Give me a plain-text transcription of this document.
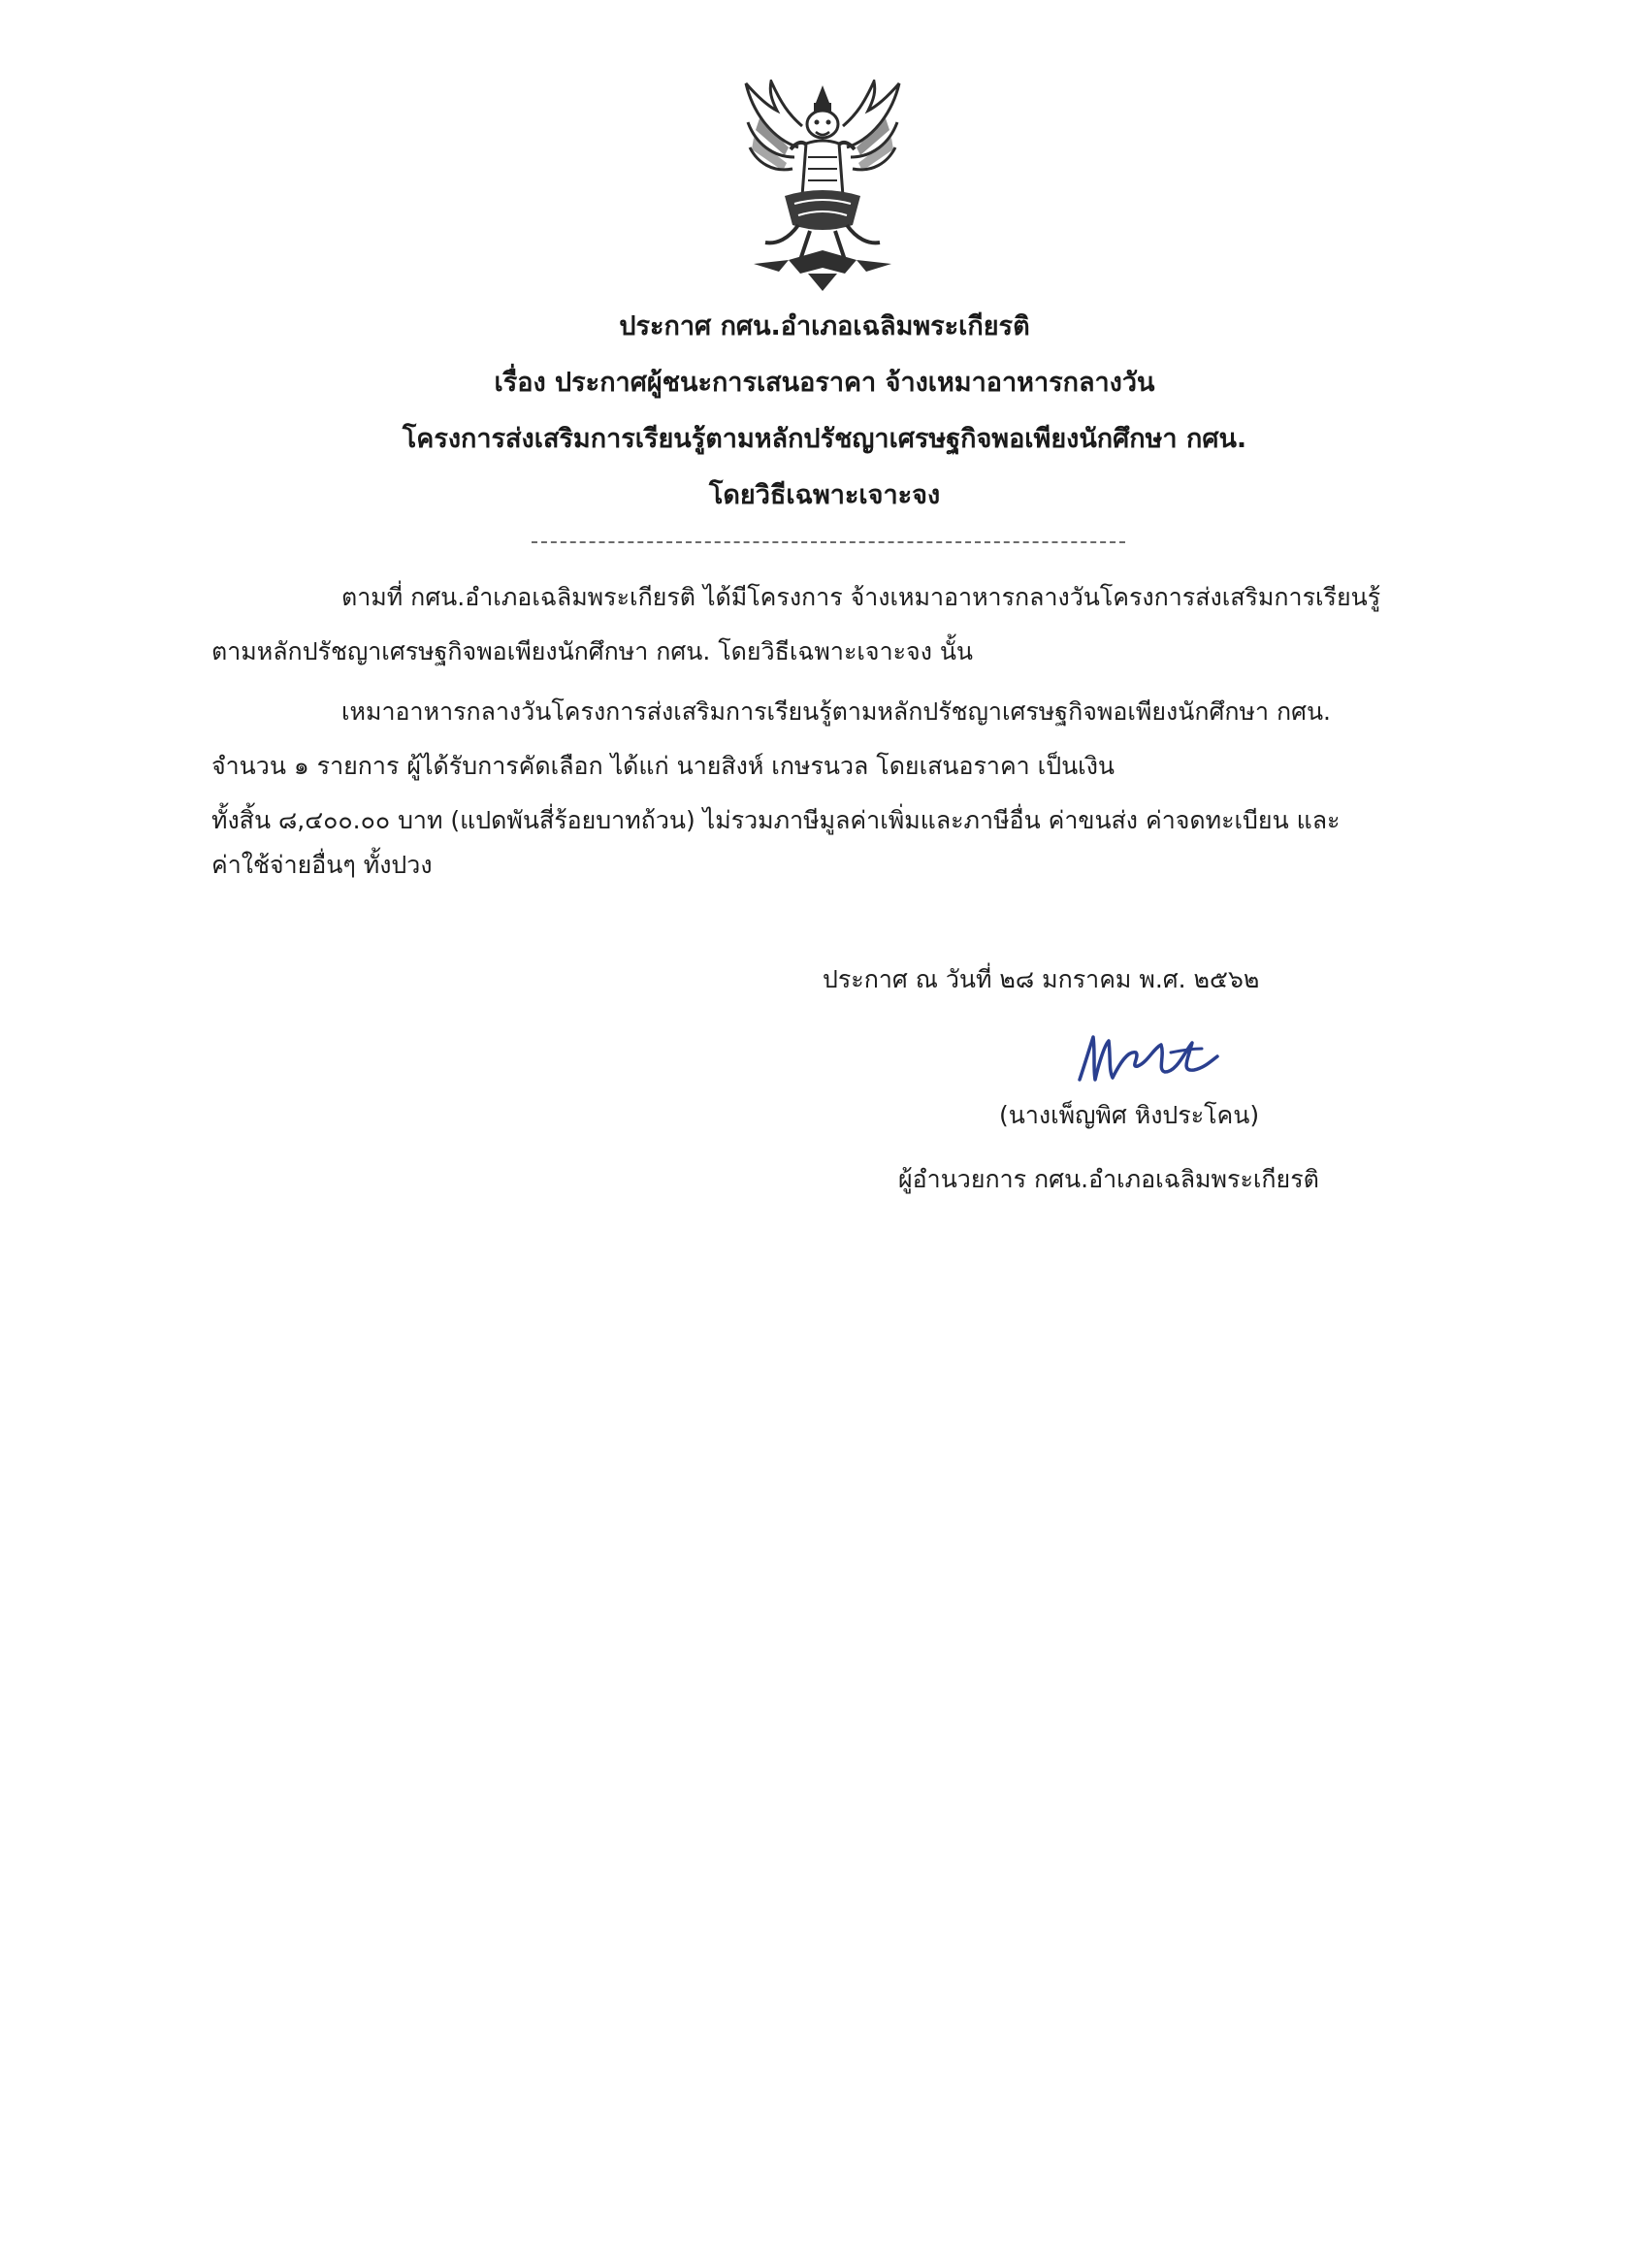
ประกาศ กศน.อำเภอเฉลิมพระเกียรติ
เรื่อง ประกาศผู้ชนะการเสนอราคา จ้างเหมาอาหารกลางวัน
โครงการส่งเสริมการเรียนรู้ตามหลักปรัชญาเศรษฐกิจพอเพียงนักศึกษา กศน.
โดยวิธีเฉพาะเจาะจง
ตามที่ กศน.อำเภอเฉลิมพระเกียรติ ได้มีโครงการ จ้างเหมาอาหารกลางวันโครงการส่งเสริมการเรียนรู้
ตามหลักปรัชญาเศรษฐกิจพอเพียงนักศึกษา กศน. โดยวิธีเฉพาะเจาะจง นั้น
เหมาอาหารกลางวันโครงการส่งเสริมการเรียนรู้ตามหลักปรัชญาเศรษฐกิจพอเพียงนักศึกษา กศน.
จำนวน ๑ รายการ ผู้ได้รับการคัดเลือก ได้แก่ นายสิงห์ เกษรนวล โดยเสนอราคา เป็นเงิน
ทั้งสิ้น ๘,๔๐๐.๐๐ บาท (แปดพันสี่ร้อยบาทถ้วน) ไม่รวมภาษีมูลค่าเพิ่มและภาษีอื่น ค่าขนส่ง ค่าจดทะเบียน และ
ค่าใช้จ่ายอื่นๆ ทั้งปวง
ประกาศ ณ วันที่ ๒๘ มกราคม พ.ศ. ๒๕๖๒
(นางเพ็ญพิศ หิงประโคน)
ผู้อำนวยการ กศน.อำเภอเฉลิมพระเกียรติ
